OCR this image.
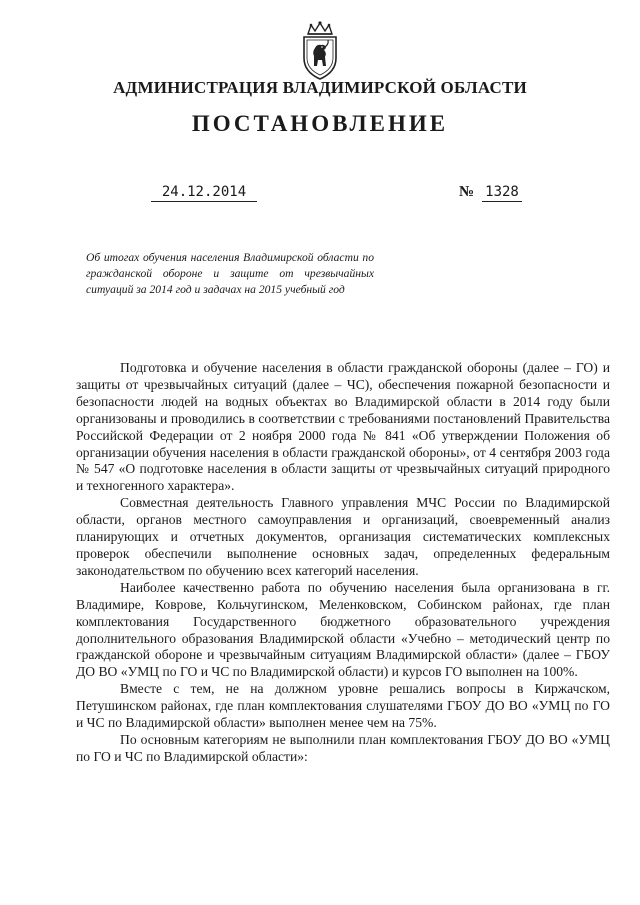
АДМИНИСТРАЦИЯ ВЛАДИМИРСКОЙ ОБЛАСТИ
ПОСТАНОВЛЕНИЕ
24.12.2014	№ 1328
Об итогах обучения населения Владимирской области по гражданской обороне и защите от чрезвычайных ситуаций за 2014 год и задачах на 2015 учебный год

Подготовка и обучение населения в области гражданской обороны (далее – ГО) и защиты от чрезвычайных ситуаций (далее – ЧС), обеспечения пожарной безопасности и безопасности людей на водных объектах во Владимирской области в 2014 году были организованы и проводились в соответствии с требованиями постановлений Правительства Российской Федерации от 2 ноября 2000 года № 841 «Об утверждении Положения об организации обучения населения в области гражданской обороны», от 4 сентября 2003 года № 547 «О подготовке населения в области защиты от чрезвычайных ситуаций природного и техногенного характера».

Совместная деятельность Главного управления МЧС России по Владимирской области, органов местного самоуправления и организаций, своевременный анализ планирующих и отчетных документов, организация систематических комплексных проверок обеспечили выполнение основных задач, определенных федеральным законодательством по обучению всех категорий населения.

Наиболее качественно работа по обучению населения была организована в гг. Владимире, Коврове, Кольчугинском, Меленковском, Собинском районах, где план комплектования Государственного бюджетного образовательного учреждения дополнительного образования Владимирской области «Учебно – методический центр по гражданской обороне и чрезвычайным ситуациям Владимирской области» (далее – ГБОУ ДО ВО «УМЦ по ГО и ЧС по Владимирской области) и курсов ГО выполнен на 100%.

Вместе с тем, не на должном уровне решались вопросы в Киржачском, Петушинском районах, где план комплектования слушателями ГБОУ ДО ВО «УМЦ по ГО и ЧС по Владимирской области» выполнен менее чем на 75%.

По основным категориям не выполнили план комплектования ГБОУ ДО ВО «УМЦ по ГО и ЧС по Владимирской области»:
